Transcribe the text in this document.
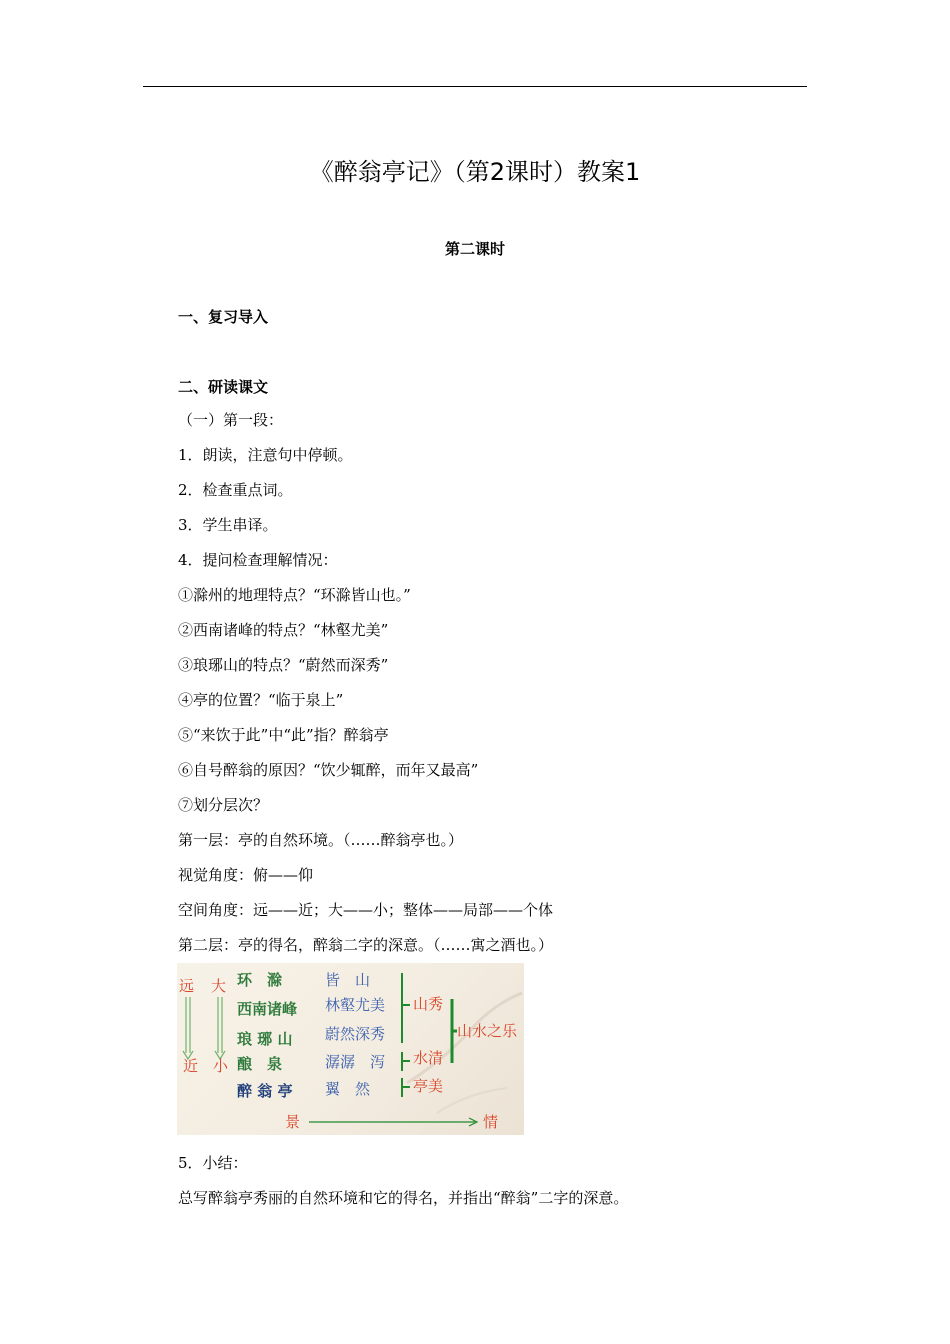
《醉翁亭记》（第2课时）教案1
第二课时
一、复习导入
二、研读课文
（一）第一段：
1．朗读，注意句中停顿。
2．检查重点词。
3．学生串译。
4．提问检查理解情况：
①滁州的地理特点？“环滁皆山也。”
②西南诸峰的特点？“林壑尤美”
③琅琊山的特点？“蔚然而深秀”
④亭的位置？“临于泉上”
⑤“来饮于此”中“此”指？醉翁亭
⑥自号醉翁的原因？“饮少辄醉，而年又最高”
⑦划分层次？
第一层：亭的自然环境。（……醉翁亭也。）
视觉角度：俯——仰
空间角度：远——近；大——小；整体——局部——个体
第二层：亭的得名，醉翁二字的深意。（……寓之酒也。）
远 大
近 小
环　滁
西南诸峰
琅 琊 山
酿　泉
醉 翁 亭
皆　山
林壑尤美
蔚然深秀
潺潺　泻
翼　然
山秀
水清
亭美
山水之乐
景	情
5．小结：
总写醉翁亭秀丽的自然环境和它的得名，并指出“醉翁”二字的深意。
